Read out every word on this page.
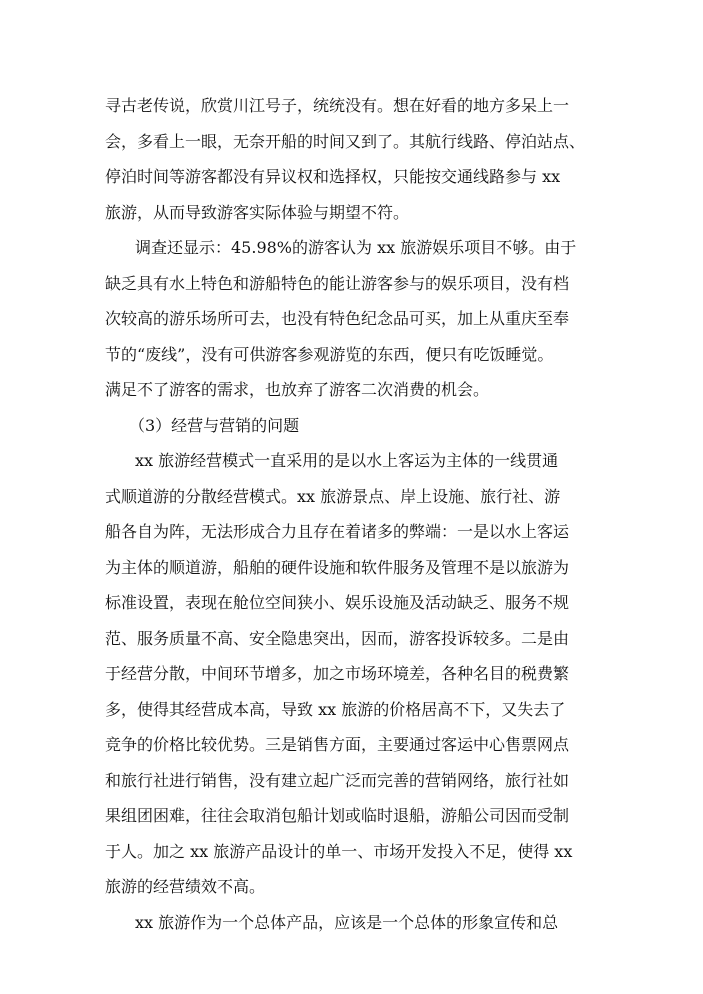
寻古老传说，欣赏川江号子，统统没有。想在好看的地方多呆上一
会，多看上一眼，无奈开船的时间又到了。其航行线路、停泊站点、
停泊时间等游客都没有异议权和选择权，只能按交通线路参与 xx
旅游，从而导致游客实际体验与期望不符。
调查还显示：45.98%的游客认为 xx 旅游娱乐项目不够。由于
缺乏具有水上特色和游船特色的能让游客参与的娱乐项目，没有档
次较高的游乐场所可去，也没有特色纪念品可买，加上从重庆至奉
节的“废线”，没有可供游客参观游览的东西，便只有吃饭睡觉。
满足不了游客的需求，也放弃了游客二次消费的机会。
（3）经营与营销的问题
xx 旅游经营模式一直采用的是以水上客运为主体的一线贯通
式顺道游的分散经营模式。xx 旅游景点、岸上设施、旅行社、游
船各自为阵，无法形成合力且存在着诸多的弊端：一是以水上客运
为主体的顺道游，船舶的硬件设施和软件服务及管理不是以旅游为
标准设置，表现在舱位空间狭小、娱乐设施及活动缺乏、服务不规
范、服务质量不高、安全隐患突出，因而，游客投诉较多。二是由
于经营分散，中间环节增多，加之市场环境差，各种名目的税费繁
多，使得其经营成本高，导致 xx 旅游的价格居高不下，又失去了
竞争的价格比较优势。三是销售方面，主要通过客运中心售票网点
和旅行社进行销售，没有建立起广泛而完善的营销网络，旅行社如
果组团困难，往往会取消包船计划或临时退船，游船公司因而受制
于人。加之 xx 旅游产品设计的单一、市场开发投入不足，使得 xx
旅游的经营绩效不高。
xx 旅游作为一个总体产品，应该是一个总体的形象宣传和总
